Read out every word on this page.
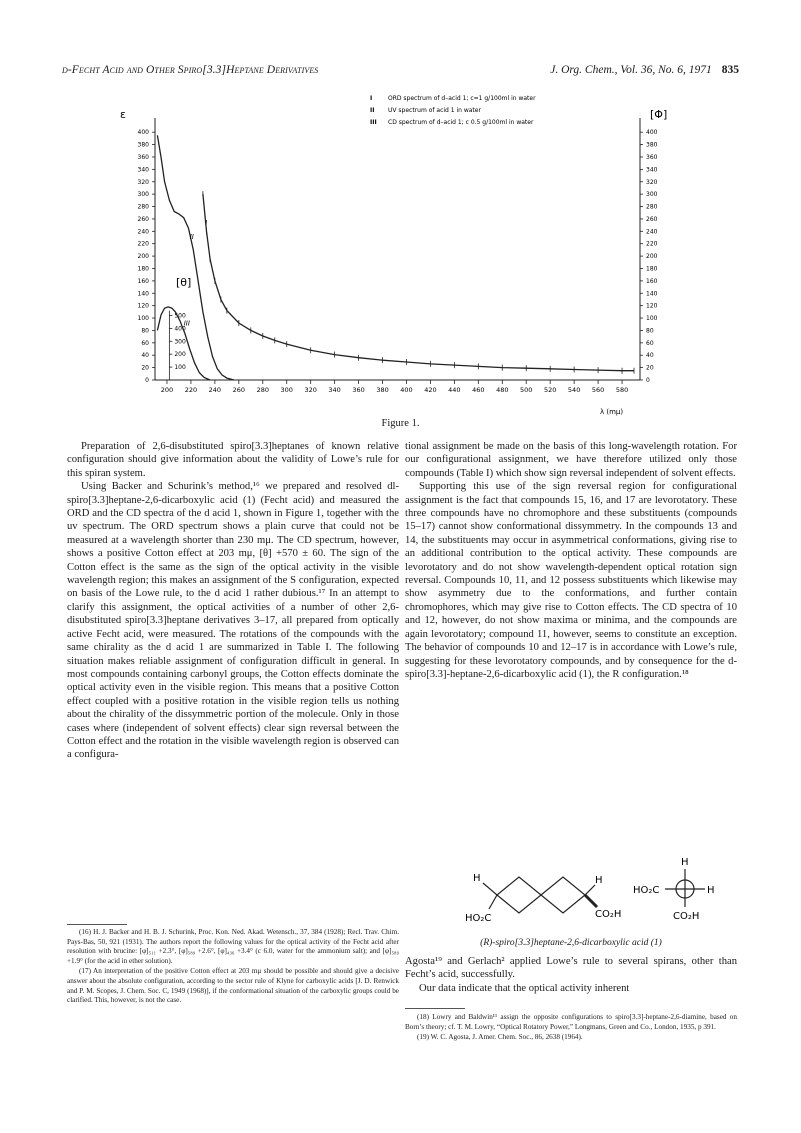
d-Fecht Acid and Other Spiro[3.3]Heptane Derivatives	J. Org. Chem., Vol. 36, No. 6, 1971 835
200 220 240 260 280 300 320 340 360 380 400 420 440 460 480 500 520 540 560 580
0	0
20	20
40	40
60	60
80	80
100	100
120	120
140	140
160	160
180	180
200	200
220	220
240	240
260	260
280	280
300	300
320	320
340	340
360	360
380	380
400	400
100
200
300
400
500
I	ORD spectrum of d–acid 1; c=1 g/100ml in water
II UV spectrum of acid 1 in water
III CD spectrum of d–acid 1; c 0.5 g/100ml in water
I
II
III
ε	[Φ]
[θ]
λ (mμ)
Figure 1.

Preparation of 2,6-disubstituted spiro[3.3]heptanes of known relative configuration should give information about the validity of Lowe’s rule for this spiran system.

Using Backer and Schurink’s method,¹⁶ we prepared and resolved dl-spiro[3.3]heptane-2,6-dicarboxylic acid (1) (Fecht acid) and measured the ORD and the CD spectra of the d acid 1, shown in Figure 1, together with the uv spectrum. The ORD spectrum shows a plain curve that could not be measured at a wavelength shorter than 230 mμ. The CD spectrum, however, shows a positive Cotton effect at 203 mμ, [θ] +570 ± 60. The sign of the Cotton effect is the same as the sign of the optical activity in the visible wavelength region; this makes an assignment of the S configuration, expected on basis of the Lowe rule, to the d acid 1 rather dubious.¹⁷ In an attempt to clarify this assignment, the optical activities of a number of other 2,6-disubstituted spiro[3.3]heptane derivatives 3–17, all prepared from optically active Fecht acid, were measured. The rotations of the compounds with the same chirality as the d acid 1 are summarized in Table I. The following situation makes reliable assignment of configuration difficult in general. In most compounds containing carbonyl groups, the Cotton effects dominate the optical activity even in the visible region. This means that a positive Cotton effect coupled with a positive rotation in the visible region tells us nothing about the chirality of the dissymmetric portion of the molecule. Only in those cases where (independent of solvent effects) clear sign reversal between the Cotton effect and the rotation in the visible wavelength region is observed can a configura-

tional assignment be made on the basis of this long-wavelength rotation. For our configurational assignment, we have therefore utilized only those compounds (Table I) which show sign reversal independent of solvent effects.

Supporting this use of the sign reversal region for configurational assignment is the fact that compounds 15, 16, and 17 are levorotatory. These three compounds have no chromophore and these substituents (compounds 15–17) cannot show conformational dissymmetry. In the compounds 13 and 14, the substituents may occur in asymmetrical conformations, giving rise to an additional contribution to the optical activity. These compounds are levorotatory and do not show wavelength-dependent optical rotation sign reversal. Compounds 10, 11, and 12 possess substituents which likewise may show asymmetry due to the conformations, and further contain chromophores, which may give rise to Cotton effects. The CD spectra of 10 and 12, however, do not show maxima or minima, and the compounds are again levorotatory; compound 11, however, seems to constitute an exception. The behavior of compounds 10 and 12–17 is in accordance with Lowe’s rule, suggesting for these levorotatory compounds, and by consequence for the d-spiro[3.3]-heptane-2,6-dicarboxylic acid (1), the R configuration.¹⁸

H
HO₂C
H
CO₂H
H
HO₂C	H
CO₂H
(R)-spiro[3.3]heptane-2,6-dicarboxylic acid (1)

Agosta¹⁹ and Gerlach² applied Lowe’s rule to several spirans, other than Fecht’s acid, successfully.

Our data indicate that the optical activity inherent

(16) H. J. Backer and H. B. J. Schurink, Proc. Kon. Ned. Akad. Wetensch., 37, 384 (1928); Recl. Trav. Chim. Pays-Bas, 50, 921 (1931). The authors report the following values for the optical activity of the Fecht acid after resolution with brucine: [φ]₅₁₁ +2.3°, [φ]₅₈₉ +2.6°, [φ]₄₃₆ +3.4° (c 6.0, water for the ammonium salt); and [φ]₅₈₉ +1.9° (for the acid in ether solution).

(17) An interpretation of the positive Cotton effect at 203 mμ should be possible and should give a decisive answer about the absolute configuration, according to the sector rule of Klyne for carboxylic acids [J. D. Renwick and P. M. Scopes, J. Chem. Soc. C, 1949 (1968)], if the conformational situation of the carboxylic groups could be clarified. This, however, is not the case.

(18) Lowry and Baldwin¹¹ assign the opposite configurations to spiro[3.3]-heptane-2,6-diamine, based on Born’s theory; cf. T. M. Lowry, “Optical Rotatory Power,” Longmans, Green and Co., London, 1935, p 391.

(19) W. C. Agosta, J. Amer. Chem. Soc., 86, 2638 (1964).
